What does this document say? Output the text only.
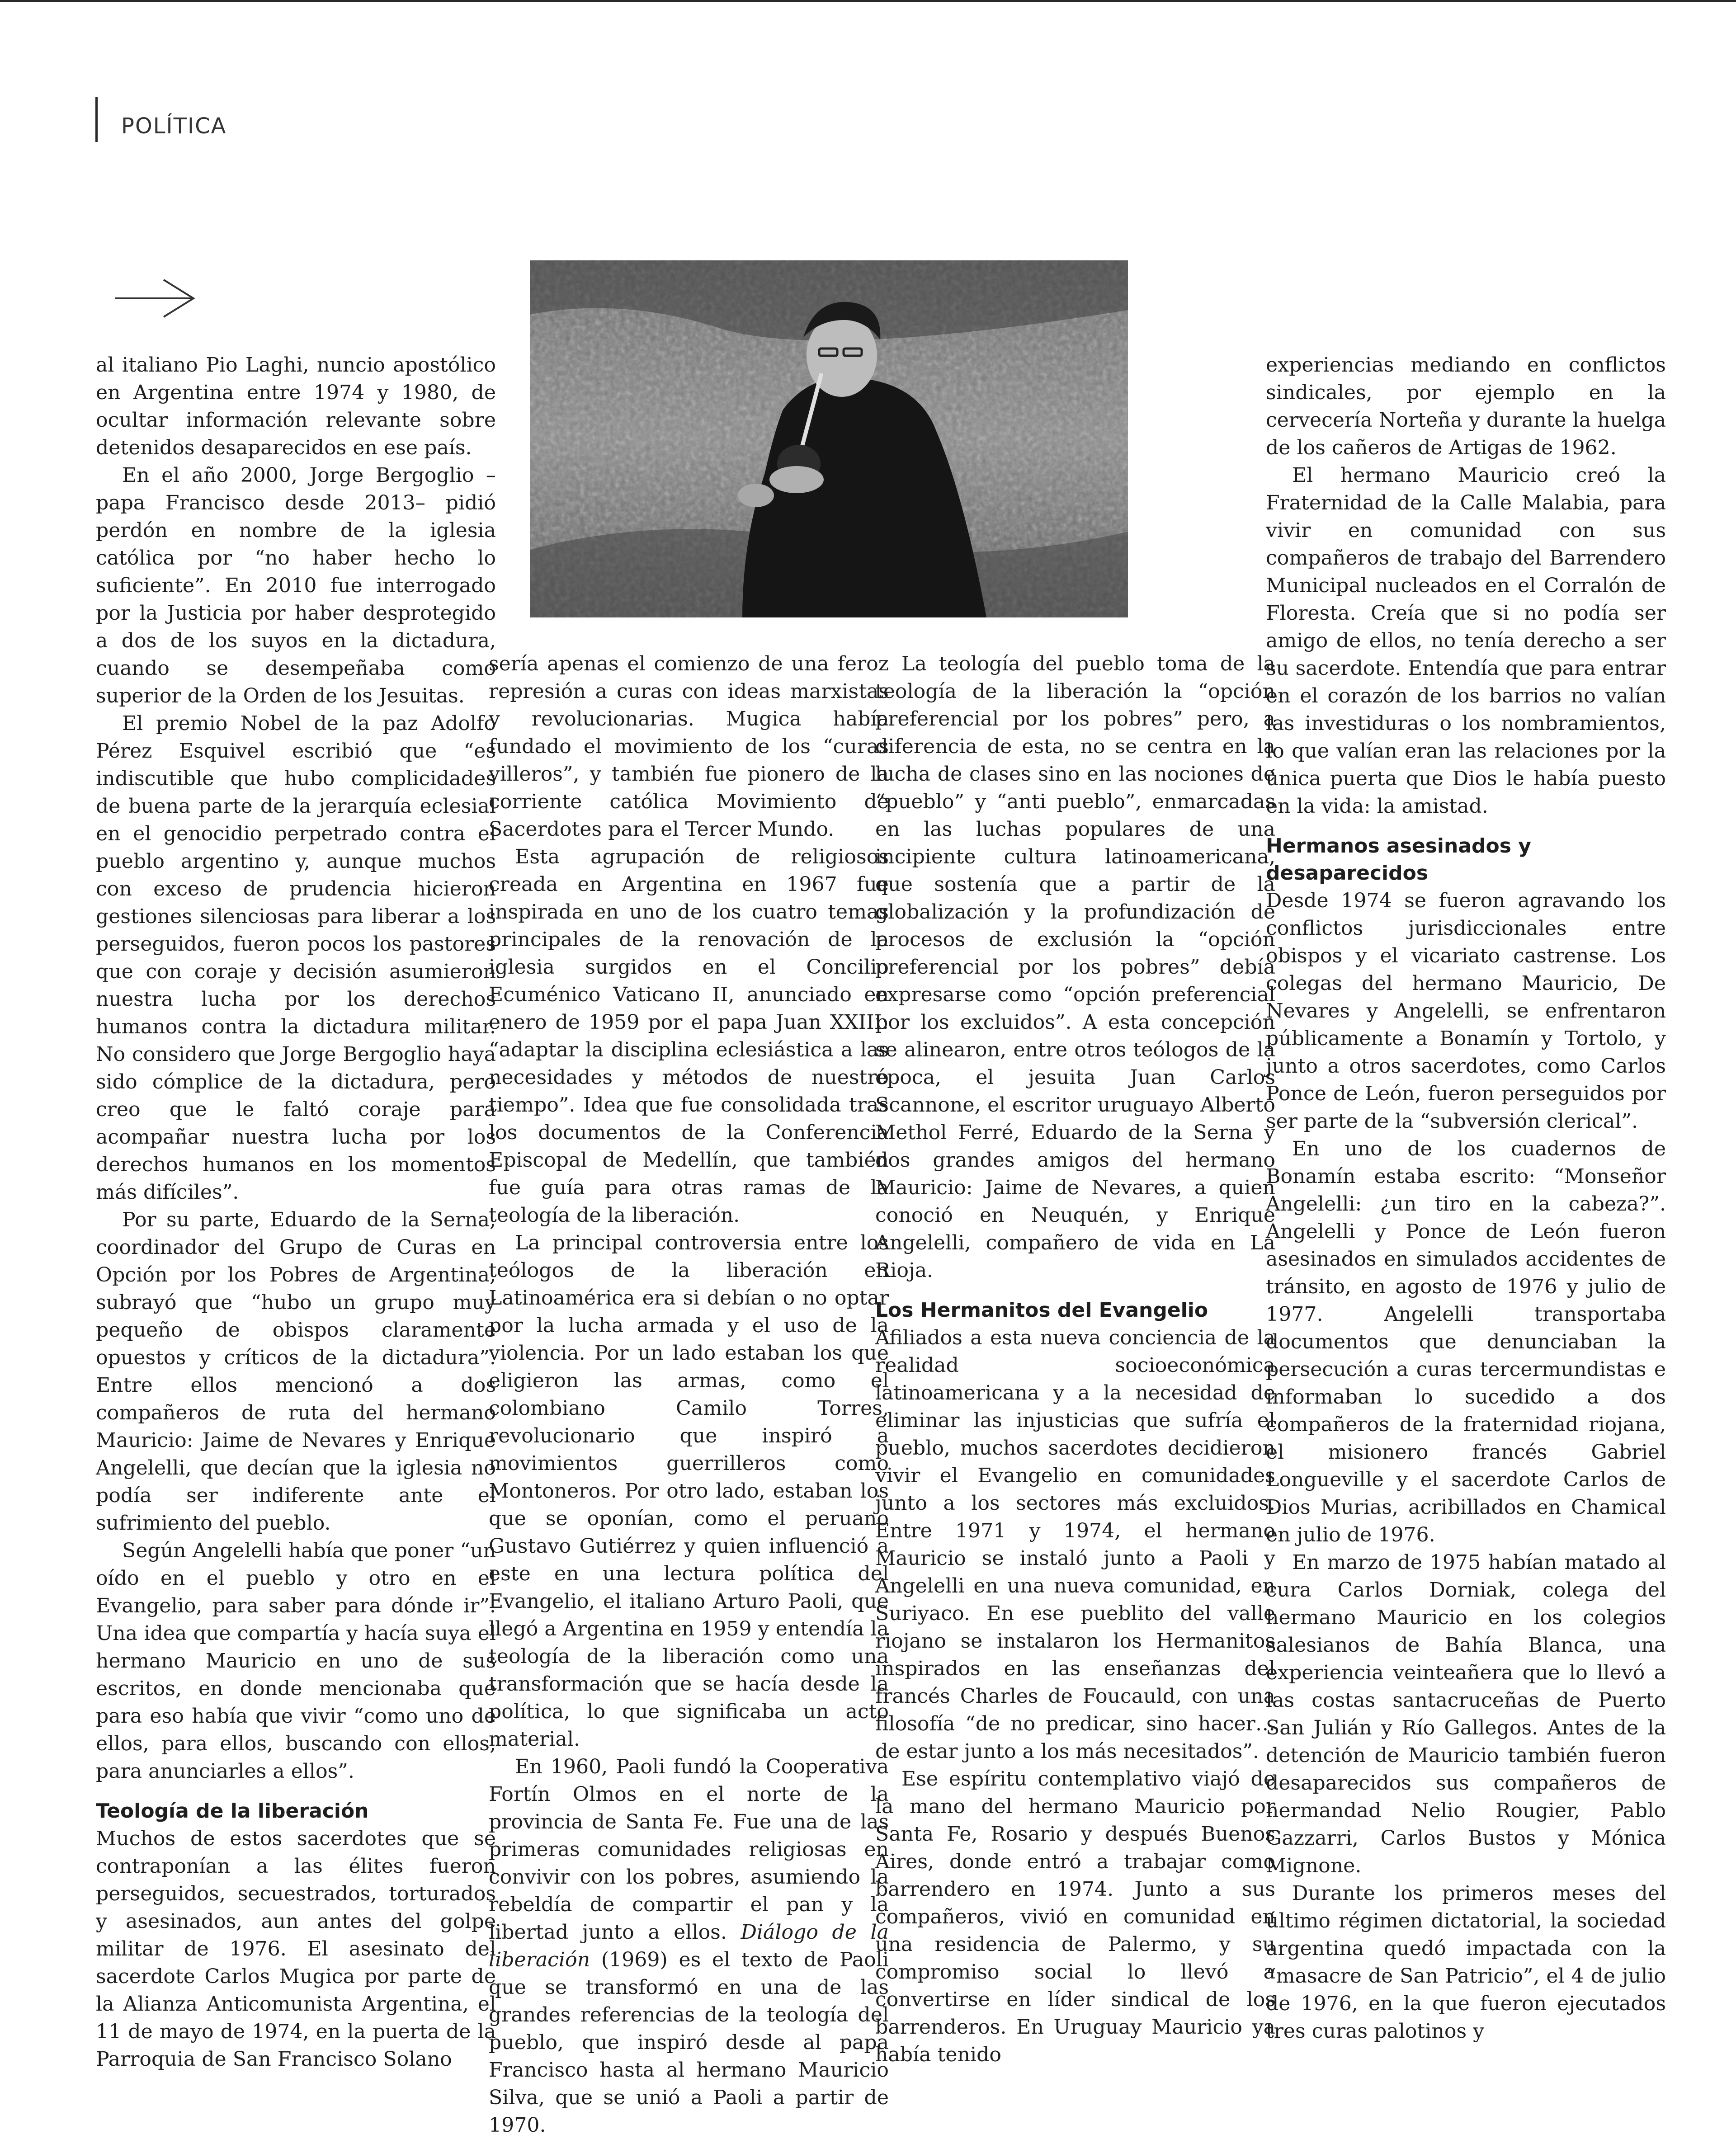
POLÍTICA

al italiano Pio Laghi, nuncio apostólico en Argentina entre 1974 y 1980, de ocultar información relevante sobre detenidos desaparecidos en ese país.

En el año 2000, Jorge Bergoglio –papa Francisco desde 2013– pidió perdón en nombre de la iglesia católica por “no haber hecho lo suficiente”. En 2010 fue interrogado por la Justicia por haber desprotegido a dos de los suyos en la dictadura, cuando se desempeñaba como superior de la Orden de los Jesuitas.

El premio Nobel de la paz Adolfo Pérez Esquivel escribió que “es indiscutible que hubo complicidades de buena parte de la jerarquía eclesial en el genocidio perpetrado contra el pueblo argentino y, aunque muchos con exceso de prudencia hicieron gestiones silenciosas para liberar a los perseguidos, fueron pocos los pastores que con coraje y decisión asumieron nuestra lucha por los derechos humanos contra la dictadura militar. No considero que Jorge Bergoglio haya sido cómplice de la dictadura, pero creo que le faltó coraje para acompañar nuestra lucha por los derechos humanos en los momentos más difíciles”.

Por su parte, Eduardo de la Serna, coordinador del Grupo de Curas en Opción por los Pobres de Argentina, subrayó que “hubo un grupo muy pequeño de obispos claramente opuestos y críticos de la dictadura”. Entre ellos mencionó a dos compañeros de ruta del hermano Mauricio: Jaime de Nevares y Enrique Angelelli, que decían que la iglesia no podía ser indiferente ante el sufrimiento del pueblo.

Según Angelelli había que poner “un oído en el pueblo y otro en el Evangelio, para saber para dónde ir”. Una idea que compartía y hacía suya el hermano Mauricio en uno de sus escritos, en donde mencionaba que para eso había que vivir “como uno de ellos, para ellos, buscando con ellos, para anunciarles a ellos”.

Teología de la liberación

Muchos de estos sacerdotes que se contraponían a las élites fueron perseguidos, secuestrados, torturados y asesinados, aun antes del golpe militar de 1976. El asesinato del sacerdote Carlos Mugica por parte de la Alianza Anticomunista Argentina, el 11 de mayo de 1974, en la puerta de la Parroquia de San Francisco Solano

sería apenas el comienzo de una feroz represión a curas con ideas marxistas y revolucionarias. Mugica había fundado el movimiento de los “curas villeros”, y también fue pionero de la corriente católica Movimiento de Sacerdotes para el Tercer Mundo.

Esta agrupación de religiosos creada en Argentina en 1967 fue inspirada en uno de los cuatro temas principales de la renovación de la iglesia surgidos en el Concilio Ecuménico Vaticano II, anunciado en enero de 1959 por el papa Juan XXIII: “adaptar la disciplina eclesiástica a las necesidades y métodos de nuestro tiempo”. Idea que fue consolidada tras los documentos de la Conferencia Episcopal de Medellín, que también fue guía para otras ramas de la teología de la liberación.

La principal controversia entre los teólogos de la liberación en Latinoamérica era si debían o no optar por la lucha armada y el uso de la violencia. Por un lado estaban los que eligieron las armas, como el colombiano Camilo Torres, revolucionario que inspiró a movimientos guerrilleros como Montoneros. Por otro lado, estaban los que se oponían, como el peruano Gustavo Gutiérrez y quien influenció a este en una lectura política del Evangelio, el italiano Arturo Paoli, que llegó a Argentina en 1959 y entendía la teología de la liberación como una transformación que se hacía desde la política, lo que significaba un acto material.

En 1960, Paoli fundó la Cooperativa Fortín Olmos en el norte de la provincia de Santa Fe. Fue una de las primeras comunidades religiosas en convivir con los pobres, asumiendo la rebeldía de compartir el pan y la libertad junto a ellos. Diálogo de la liberación (1969) es el texto de Paoli que se transformó en una de las grandes referencias de la teología del pueblo, que inspiró desde al papa Francisco hasta al hermano Mauricio Silva, que se unió a Paoli a partir de 1970.

La teología del pueblo toma de la teología de la liberación la “opción preferencial por los pobres” pero, a diferencia de esta, no se centra en la lucha de clases sino en las nociones de “pueblo” y “anti pueblo”, enmarcadas en las luchas populares de una incipiente cultura latinoamericana, que sostenía que a partir de la globalización y la profundización de procesos de exclusión la “opción preferencial por los pobres” debía expresarse como “opción preferencial por los excluidos”. A esta concepción se alinearon, entre otros teólogos de la época, el jesuita Juan Carlos Scannone, el escritor uruguayo Alberto Methol Ferré, Eduardo de la Serna y dos grandes amigos del hermano Mauricio: Jaime de Nevares, a quien conoció en Neuquén, y Enrique Angelelli, compañero de vida en La Rioja.

Los Hermanitos del Evangelio

Afiliados a esta nueva conciencia de la realidad socioeconómica latinoamericana y a la necesidad de eliminar las injusticias que sufría el pueblo, muchos sacerdotes decidieron vivir el Evangelio en comunidades junto a los sectores más excluidos. Entre 1971 y 1974, el hermano Mauricio se instaló junto a Paoli y Angelelli en una nueva comunidad, en Suriyaco. En ese pueblito del valle riojano se instalaron los Hermanitos inspirados en las enseñanzas del francés Charles de Foucauld, con una filosofía “de no predicar, sino hacer… de estar junto a los más necesitados”.

Ese espíritu contemplativo viajó de la mano del hermano Mauricio por Santa Fe, Rosario y después Buenos Aires, donde entró a trabajar como barrendero en 1974. Junto a sus compañeros, vivió en comunidad en una residencia de Palermo, y su compromiso social lo llevó a convertirse en líder sindical de los barrenderos. En Uruguay Mauricio ya había tenido

experiencias mediando en conflictos sindicales, por ejemplo en la cervecería Norteña y durante la huelga de los cañeros de Artigas de 1962.

El hermano Mauricio creó la Fraternidad de la Calle Malabia, para vivir en comunidad con sus compañeros de trabajo del Barrendero Municipal nucleados en el Corralón de Floresta. Creía que si no podía ser amigo de ellos, no tenía derecho a ser su sacerdote. Entendía que para entrar en el corazón de los barrios no valían las investiduras o los nombramientos, lo que valían eran las relaciones por la única puerta que Dios le había puesto en la vida: la amistad.

Hermanos asesinados y desaparecidos

Desde 1974 se fueron agravando los conflictos jurisdiccionales entre obispos y el vicariato castrense. Los colegas del hermano Mauricio, De Nevares y Angelelli, se enfrentaron públicamente a Bonamín y Tortolo, y junto a otros sacerdotes, como Carlos Ponce de León, fueron perseguidos por ser parte de la “subversión clerical”.

En uno de los cuadernos de Bonamín estaba escrito: “Monseñor Angelelli: ¿un tiro en la cabeza?”. Angelelli y Ponce de León fueron asesinados en simulados accidentes de tránsito, en agosto de 1976 y julio de 1977. Angelelli transportaba documentos que denunciaban la persecución a curas tercermundistas e informaban lo sucedido a dos compañeros de la fraternidad riojana, el misionero francés Gabriel Longueville y el sacerdote Carlos de Dios Murias, acribillados en Chamical en julio de 1976.

En marzo de 1975 habían matado al cura Carlos Dorniak, colega del hermano Mauricio en los colegios salesianos de Bahía Blanca, una experiencia veinteañera que lo llevó a las costas santacruceñas de Puerto San Julián y Río Gallegos. Antes de la detención de Mauricio también fueron desaparecidos sus compañeros de hermandad Nelio Rougier, Pablo Gazzarri, Carlos Bustos y Mónica Mignone.

Durante los primeros meses del último régimen dictatorial, la sociedad argentina quedó impactada con la “masacre de San Patricio”, el 4 de julio de 1976, en la que fueron ejecutados tres curas palotinos y
